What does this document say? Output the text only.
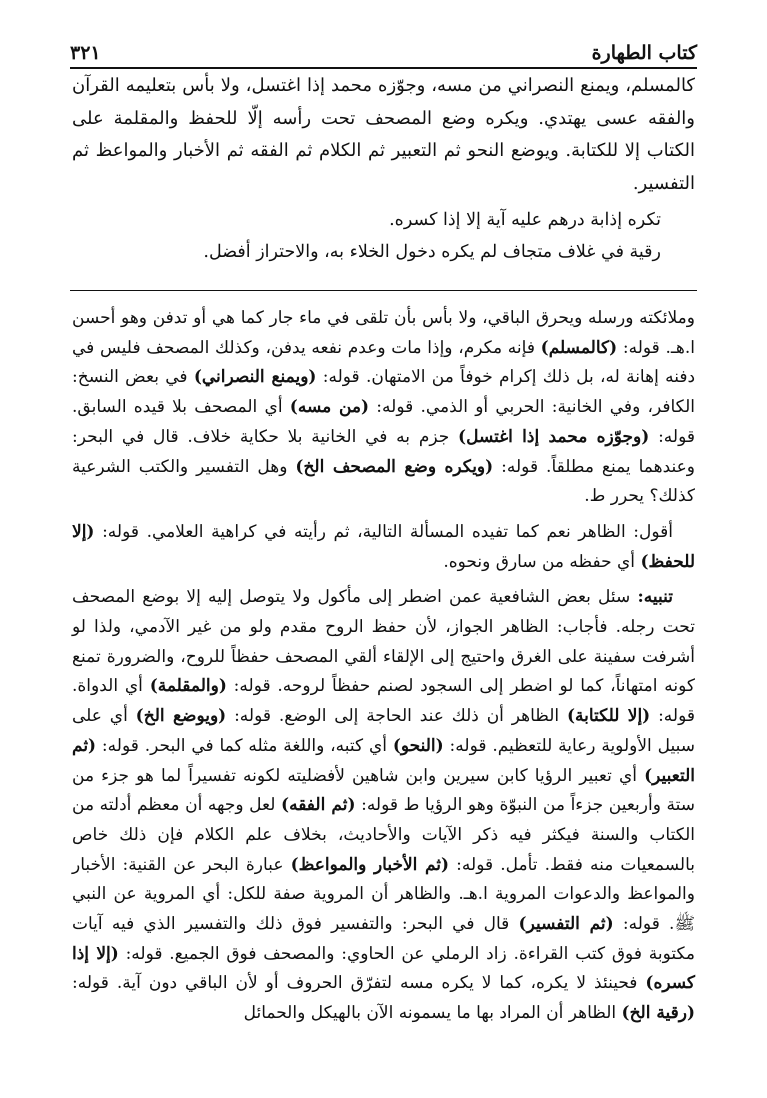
كتاب الطهارة
٣٢١

كالمسلم، ويمنع النصراني من مسه، وجوّزه محمد إذا اغتسل، ولا بأس بتعليمه القرآن والفقه عسى يهتدي. ويكره وضع المصحف تحت رأسه إلّا للحفظ والمقلمة على الكتاب إلا للكتابة. ويوضع النحو ثم التعبير ثم الكلام ثم الفقه ثم الأخبار والمواعظ ثم التفسير.

تكره إذابة درهم عليه آية إلا إذا كسره.

رقية في غلاف متجاف لم يكره دخول الخلاء به، والاحتراز أفضل.

وملائكته ورسله ويحرق الباقي، ولا بأس بأن تلقى في ماء جار كما هي أو تدفن وهو أحسن ا.هـ. قوله: (كالمسلم) فإنه مكرم، وإذا مات وعدم نفعه يدفن، وكذلك المصحف فليس في دفنه إهانة له، بل ذلك إكرام خوفاً من الامتهان. قوله: (ويمنع النصراني) في بعض النسخ: الكافر، وفي الخانية: الحربي أو الذمي. قوله: (من مسه) أي المصحف بلا قيده السابق. قوله: (وجوّزه محمد إذا اغتسل) جزم به في الخانية بلا حكاية خلاف. قال في البحر: وعندهما يمنع مطلقاً. قوله: (ويكره وضع المصحف الخ) وهل التفسير والكتب الشرعية كذلك؟ يحرر ط.

أقول: الظاهر نعم كما تفيده المسألة التالية، ثم رأيته في كراهية العلامي. قوله: (إلا للحفظ) أي حفظه من سارق ونحوه.

تنبيه: سئل بعض الشافعية عمن اضطر إلى مأكول ولا يتوصل إليه إلا بوضع المصحف تحت رجله. فأجاب: الظاهر الجواز، لأن حفظ الروح مقدم ولو من غير الآدمي، ولذا لو أشرفت سفينة على الغرق واحتيج إلى الإلقاء ألقي المصحف حفظاً للروح، والضرورة تمنع كونه امتهاناً، كما لو اضطر إلى السجود لصنم حفظاً لروحه. قوله: (والمقلمة) أي الدواة. قوله: (إلا للكتابة) الظاهر أن ذلك عند الحاجة إلى الوضع. قوله: (ويوضع الخ) أي على سبيل الأولوية رعاية للتعظيم. قوله: (النحو) أي كتبه، واللغة مثله كما في البحر. قوله: (ثم التعبير) أي تعبير الرؤيا كابن سيرين وابن شاهين لأفضليته لكونه تفسيراً لما هو جزء من ستة وأربعين جزءاً من النبوّة وهو الرؤيا ط قوله: (ثم الفقه) لعل وجهه أن معظم أدلته من الكتاب والسنة فيكثر فيه ذكر الآيات والأحاديث، بخلاف علم الكلام فإن ذلك خاص بالسمعيات منه فقط. تأمل. قوله: (ثم الأخبار والمواعظ) عبارة البحر عن القنية: الأخبار والمواعظ والدعوات المروية ا.هـ. والظاهر أن المروية صفة للكل: أي المروية عن النبي ﷺ. قوله: (ثم التفسير) قال في البحر: والتفسير فوق ذلك والتفسير الذي فيه آيات مكتوبة فوق كتب القراءة. زاد الرملي عن الحاوي: والمصحف فوق الجميع. قوله: (إلا إذا كسره) فحينئذ لا يكره، كما لا يكره مسه لتفرّق الحروف أو لأن الباقي دون آية. قوله: (رقية الخ) الظاهر أن المراد بها ما يسمونه الآن بالهيكل والحمائل
